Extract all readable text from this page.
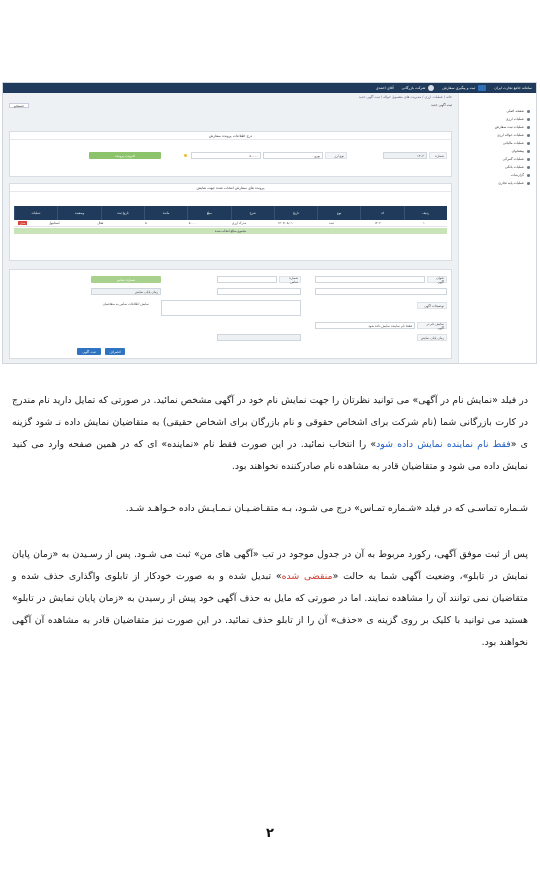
سامانه جامع تجارت ایران
ثبت و پیگیری سفارش
شرکت بازرگانی
آقای احمدی
صفحه اصلی
عملیات ارزی
عملیات ثبت سفارش
عملیات حواله ارزی
عملیات مالیاتی
پیشخوان
عملیات گمرکی
عملیات بانکی
گزارشات
عملیات پایه تجاری
خانه / عملیات ارزی / مدیریت های مشمول حواله / ثبت آگهی جدید
ثبت آگهی جدید
جستجو
درج اطلاعات پرونده سفارش
شماره
۱۴۰۲
نوع ارز
یورو
۵۰۰۰۰
افزودن پرونده
پرونده های سفارش انتخاب شده جهت نمایش
ردیف
کد
نوع
تاریخ
شرح
مبلغ
مانده
تاریخ ثبت
وضعیت
عملیات
۱
۱۴۰۲
ثبت
۱۴۰۲/۰۸/۰۱
مدرک ارزی
۵۰۰۰۰
۵۰
فعال
استانبول
حذف
مجموع مبالغ انتخاب شده
عنوان آگهی
شماره تماس
شماره تماس
زمان پایان نمایش
توضیحات آگهی
نمایش اطلاعات تماس به متقاضیان
نمایش نام در آگهی
فقط نام نماینده نمایش داده شود
زمان پایان نمایش
انصراف
ثبت آگهی
در فیلد «نمایش نام در آگهی» می توانید نظرتان را جهت نمایش نام خود در آگهی مشخص نمائید. در صورتی که تمایل دارید نام مندرج در کارت بازرگانی شما (نام شرکت برای اشخاص حقوقی و نام بازرگان برای اشخاص حقیقی) به متقاضیان نمایش داده نـ شود گزینه ی «فقط نام نماینده نمایش داده شود» را انتخاب نمائید. در این صورت فقط نام «نماینده» ای که در همین صفحه وارد می کنید نمایش داده می شود و متقاضیان قادر به مشاهده نام صادرکننده نخواهند بود.
شـماره تماسـی که در فیلد «شـماره تمـاس» درج می شـود، بـه متقـاضـیـان نـمـایـش داده خـواهـد شـد.
پس از ثبت موفق آگهی، رکورد مربوط به آن در جدول موجود در تب «آگهی های من» ثبت می شـود. پس از رسـیدن به «زمان پایان نمایش در تابلو»، وضعیت آگهی شما به حالت «منقضی شده» تبدیل شده و به صورت خودکار از تابلوی واگذاری حذف شده و متقاضیان نمی توانند آن را مشاهده نمایند. اما در صورتی که مایل به حذف آگهی خود پیش از رسیدن به «زمان پایان نمایش در تابلو» هستید می توانید با کلیک بر روی گزینه ی «حذف» آن را از تابلو حذف نمائید. در این صورت نیز متقاضیان قادر به مشاهده آن آگهی نخواهند بود.
۲
